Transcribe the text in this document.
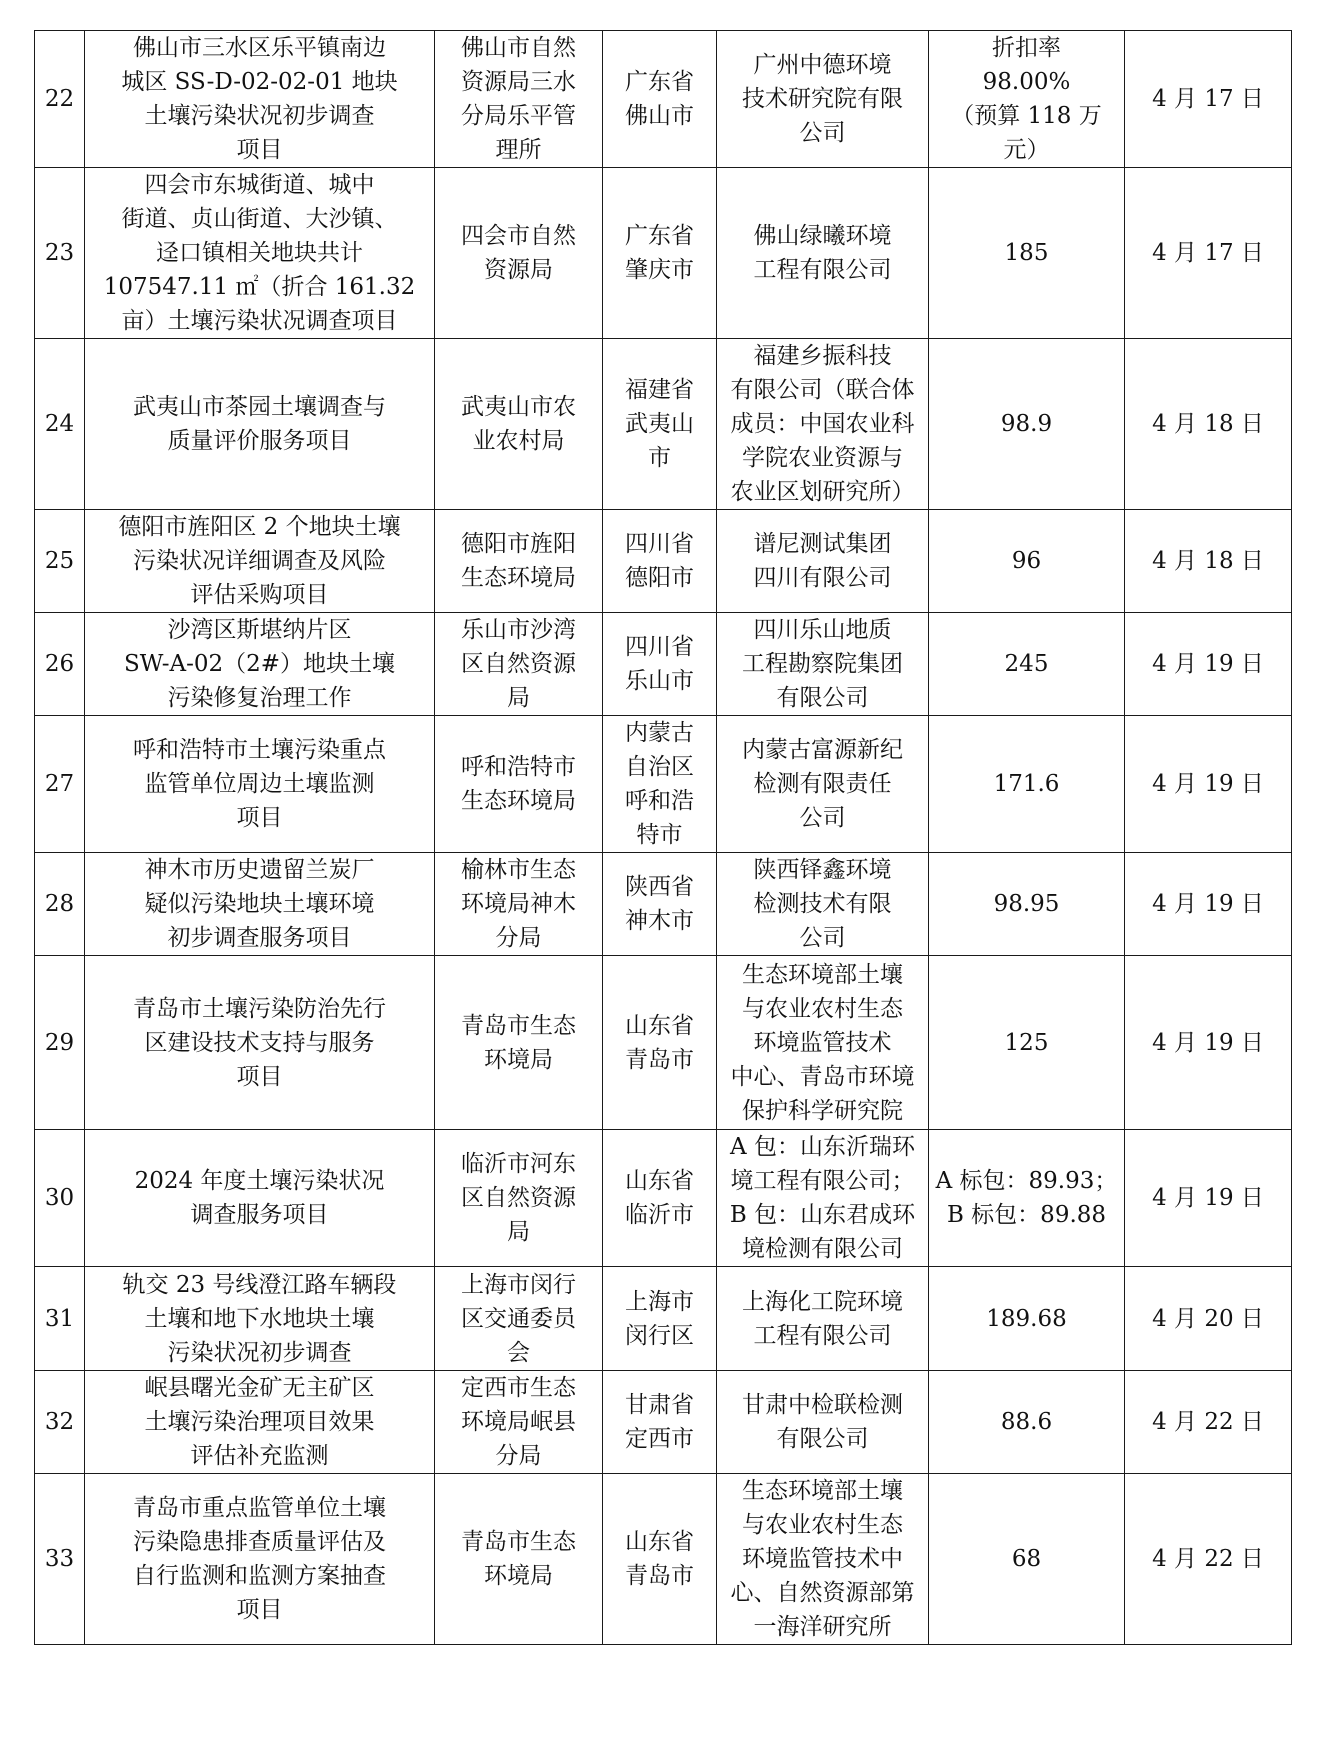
22	佛山市三水区乐平镇南边
城区 SS-D-02-02-01 地块
土壤污染状况初步调查
项目	佛山市自然
资源局三水
分局乐平管
理所	广东省
佛山市	广州中德环境
技术研究院有限
公司	折扣率
98.00%
（预算 118 万
元）	4 月 17 日

23	四会市东城街道、城中
街道、贞山街道、大沙镇、
迳口镇相关地块共计
107547.11 ㎡（折合 161.32
亩）土壤污染状况调查项目	四会市自然
资源局	广东省
肇庆市	佛山绿曦环境
工程有限公司	185	4 月 17 日

24	武夷山市茶园土壤调查与
质量评价服务项目	武夷山市农
业农村局	福建省
武夷山
市	福建乡振科技
有限公司（联合体
成员：中国农业科
学院农业资源与
农业区划研究所）	98.9	4 月 18 日

25	德阳市旌阳区 2 个地块土壤
污染状况详细调查及风险
评估采购项目	德阳市旌阳
生态环境局	四川省
德阳市	谱尼测试集团
四川有限公司	96	4 月 18 日

26	沙湾区斯堪纳片区
SW-A-02（2#）地块土壤
污染修复治理工作	乐山市沙湾
区自然资源
局	四川省
乐山市	四川乐山地质
工程勘察院集团
有限公司	245	4 月 19 日

27	呼和浩特市土壤污染重点
监管单位周边土壤监测
项目	呼和浩特市
生态环境局	内蒙古
自治区
呼和浩
特市	内蒙古富源新纪
检测有限责任
公司	171.6	4 月 19 日

28	神木市历史遗留兰炭厂
疑似污染地块土壤环境
初步调查服务项目	榆林市生态
环境局神木
分局	陕西省
神木市	陕西铎鑫环境
检测技术有限
公司	98.95	4 月 19 日

29	青岛市土壤污染防治先行
区建设技术支持与服务
项目	青岛市生态
环境局	山东省
青岛市	生态环境部土壤
与农业农村生态
环境监管技术
中心、青岛市环境
保护科学研究院	125	4 月 19 日

30	2024 年度土壤污染状况
调查服务项目	临沂市河东
区自然资源
局	山东省
临沂市	A 包：山东沂瑞环
境工程有限公司；
B 包：山东君成环
境检测有限公司	A 标包：89.93；
B 标包：89.88	4 月 19 日

31	轨交 23 号线澄江路车辆段
土壤和地下水地块土壤
污染状况初步调查	上海市闵行
区交通委员
会	上海市
闵行区	上海化工院环境
工程有限公司	189.68	4 月 20 日

32	岷县曙光金矿无主矿区
土壤污染治理项目效果
评估补充监测	定西市生态
环境局岷县
分局	甘肃省
定西市	甘肃中检联检测
有限公司	88.6	4 月 22 日

33	青岛市重点监管单位土壤
污染隐患排查质量评估及
自行监测和监测方案抽查
项目	青岛市生态
环境局	山东省
青岛市	生态环境部土壤
与农业农村生态
环境监管技术中
心、自然资源部第
一海洋研究所	68	4 月 22 日
